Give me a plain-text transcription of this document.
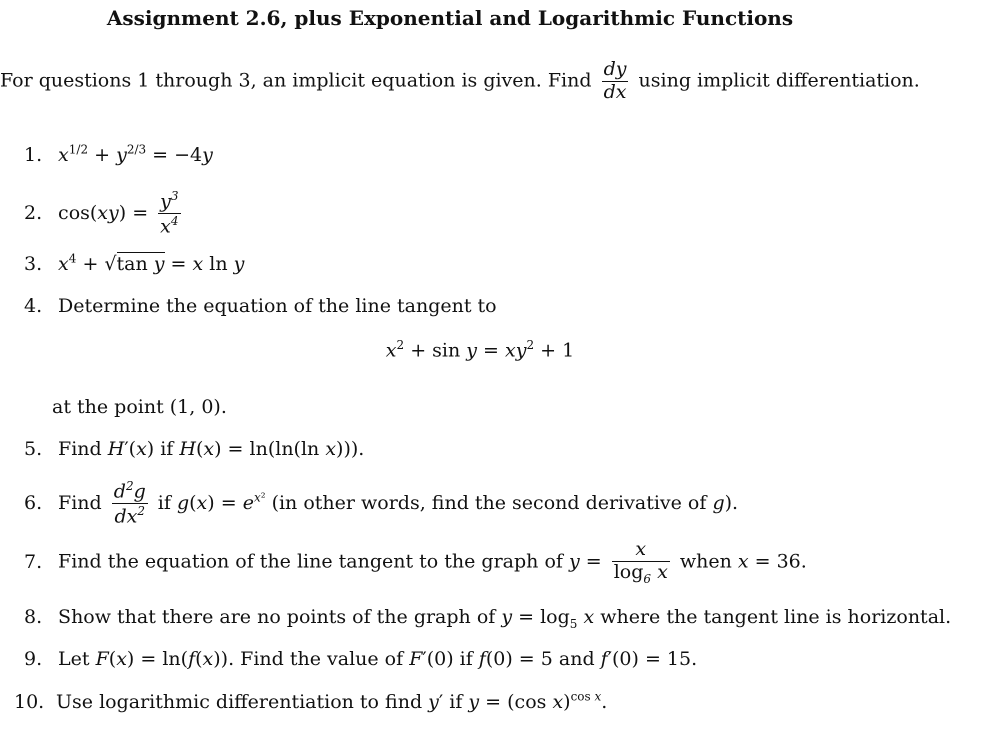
Assignment 2.6, plus Exponential and Logarithmic Functions
For questions 1 through 3, an implicit equation is given. Find $\frac{dy}{dx}$ using implicit differentiation.
1. $x^{1/2} + y^{2/3} = -4y$
2. $\cos(xy) = \frac{y^3}{x^4}$
3. $x^4 + √\tan$ y = x ln y
4. Determine the equation of the line tangent to
$x^2 + \sin y = xy^2 + 1$
at the point (1, 0).
5. Find H′(x) if H(x) = ln(ln(ln x))).
6. Find $\frac{d^2g}{dx^2}$ if $g(x) = e^{x^2}$ (in other words, find the second derivative of g).
7. Find the equation of the line tangent to the graph of $y = \frac{x}{\log_6 x}$ when x = 36.
8. Show that there are no points of the graph of $y = \log_5 x$ where the tangent line is horizontal.
9. Let F(x) = ln(f(x)). Find the value of F′(0) if f(0) = 5 and f′(0) = 15.
10. Use logarithmic differentiation to find y′ if y = (cos x)$^{cos x}$.
